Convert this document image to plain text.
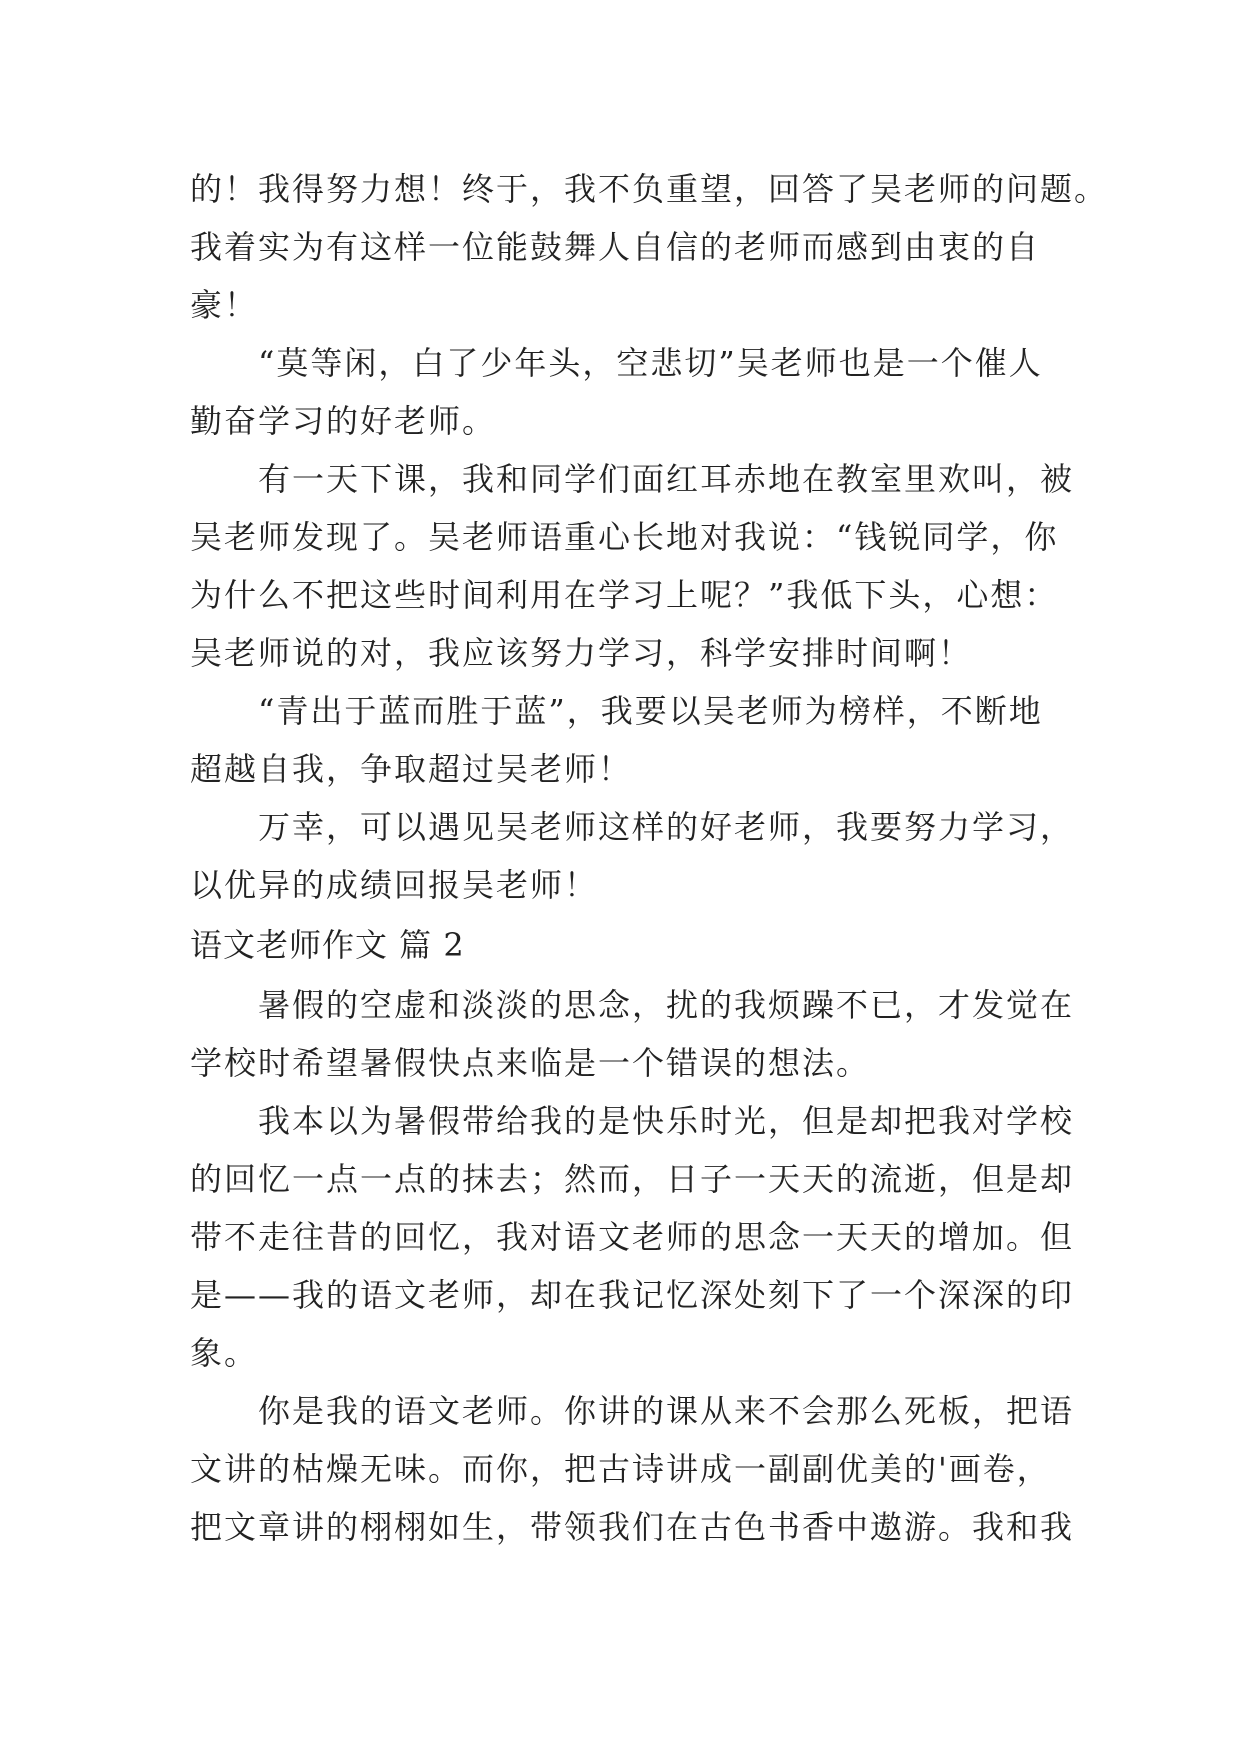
的！我得努力想！终于，我不负重望，回答了吴老师的问题。
我着实为有这样一位能鼓舞人自信的老师而感到由衷的自
豪！
　　“莫等闲，白了少年头，空悲切”吴老师也是一个催人
勤奋学习的好老师。
　　有一天下课，我和同学们面红耳赤地在教室里欢叫，被
吴老师发现了。吴老师语重心长地对我说：“钱锐同学，你
为什么不把这些时间利用在学习上呢？”我低下头，心想：
吴老师说的对，我应该努力学习，科学安排时间啊！
　　“青出于蓝而胜于蓝”，我要以吴老师为榜样，不断地
超越自我，争取超过吴老师！
　　万幸，可以遇见吴老师这样的好老师，我要努力学习，
以优异的成绩回报吴老师！
语文老师作文 篇 2
　　暑假的空虚和淡淡的思念，扰的我烦躁不已，才发觉在
学校时希望暑假快点来临是一个错误的想法。
　　我本以为暑假带给我的是快乐时光，但是却把我对学校
的回忆一点一点的抹去；然而，日子一天天的流逝，但是却
带不走往昔的回忆，我对语文老师的思念一天天的增加。但
是——我的语文老师，却在我记忆深处刻下了一个深深的印
象。
　　你是我的语文老师。你讲的课从来不会那么死板，把语
文讲的枯燥无味。而你，把古诗讲成一副副优美的'画卷，
把文章讲的栩栩如生，带领我们在古色书香中遨游。我和我
